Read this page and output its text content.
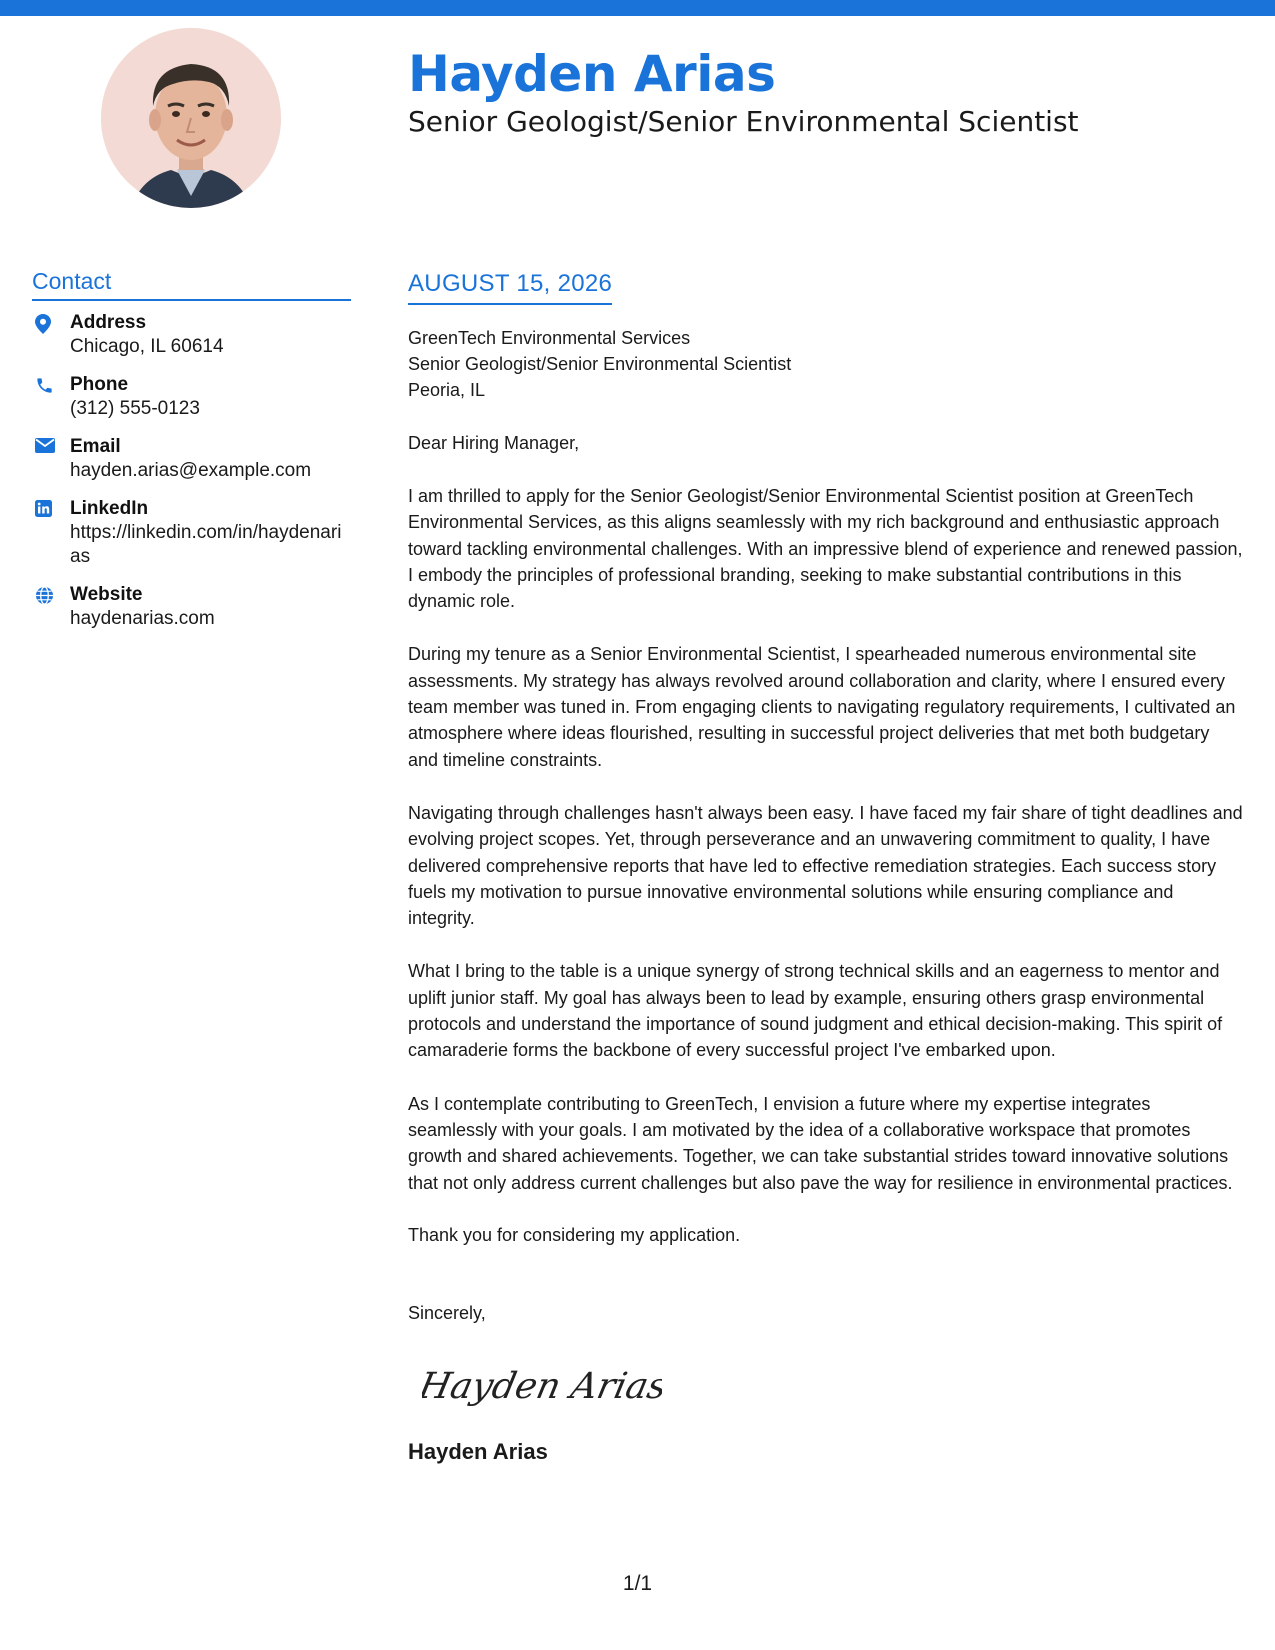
Hayden Arias
Senior Geologist/Senior Environmental Scientist
Contact
Address
Chicago, IL 60614
Phone
(312) 555-0123
Email
hayden.arias@example.com
LinkedIn
https://linkedin.com/in/haydenarias
Website
haydenarias.com
AUGUST 15, 2026
GreenTech Environmental Services
Senior Geologist/Senior Environmental Scientist
Peoria, IL
Dear Hiring Manager,
I am thrilled to apply for the Senior Geologist/Senior Environmental Scientist position at GreenTech Environmental Services, as this aligns seamlessly with my rich background and enthusiastic approach toward tackling environmental challenges. With an impressive blend of experience and renewed passion, I embody the principles of professional branding, seeking to make substantial contributions in this dynamic role.
During my tenure as a Senior Environmental Scientist, I spearheaded numerous environmental site assessments. My strategy has always revolved around collaboration and clarity, where I ensured every team member was tuned in. From engaging clients to navigating regulatory requirements, I cultivated an atmosphere where ideas flourished, resulting in successful project deliveries that met both budgetary and timeline constraints.
Navigating through challenges hasn't always been easy. I have faced my fair share of tight deadlines and evolving project scopes. Yet, through perseverance and an unwavering commitment to quality, I have delivered comprehensive reports that have led to effective remediation strategies. Each success story fuels my motivation to pursue innovative environmental solutions while ensuring compliance and integrity.
What I bring to the table is a unique synergy of strong technical skills and an eagerness to mentor and uplift junior staff. My goal has always been to lead by example, ensuring others grasp environmental protocols and understand the importance of sound judgment and ethical decision-making. This spirit of camaraderie forms the backbone of every successful project I've embarked upon.
As I contemplate contributing to GreenTech, I envision a future where my expertise integrates seamlessly with your goals. I am motivated by the idea of a collaborative workspace that promotes growth and shared achievements. Together, we can take substantial strides toward innovative solutions that not only address current challenges but also pave the way for resilience in environmental practices.
Thank you for considering my application.
Sincerely,
Hayden Arias
Hayden Arias
1/1
